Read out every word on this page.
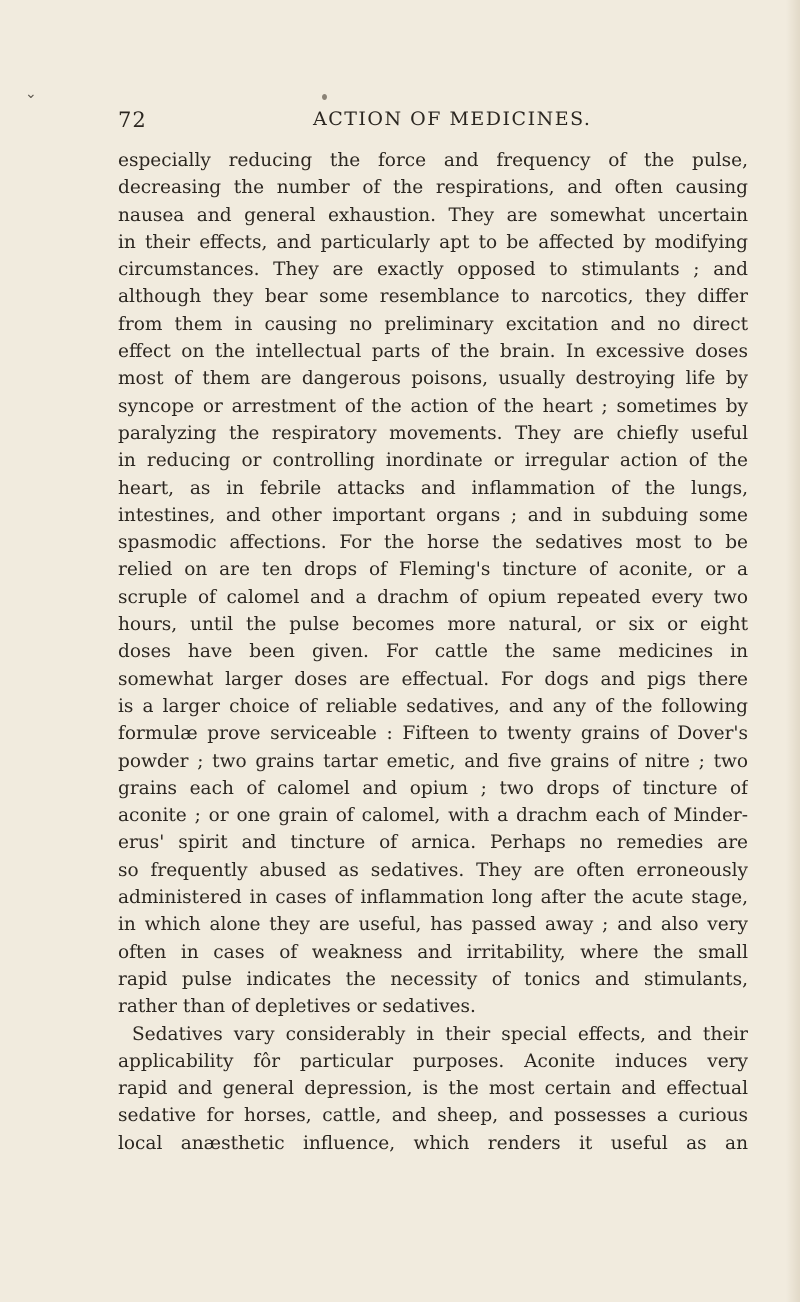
⌄
72	ACTION OF MEDICINES.
especially reducing the force and frequency of the pulse,
decreasing the number of the respirations, and often causing
nausea and general exhaustion. They are somewhat uncertain
in their effects, and particularly apt to be affected by modifying
circumstances. They are exactly opposed to stimulants ; and
although they bear some resemblance to narcotics, they differ
from them in causing no preliminary excitation and no direct
effect on the intellectual parts of the brain. In excessive doses
most of them are dangerous poisons, usually destroying life by
syncope or arrestment of the action of the heart ; sometimes by
paralyzing the respiratory movements. They are chiefly useful
in reducing or controlling inordinate or irregular action of the
heart, as in febrile attacks and inflammation of the lungs,
intestines, and other important organs ; and in subduing some
spasmodic affections. For the horse the sedatives most to be
relied on are ten drops of Fleming's tincture of aconite, or a
scruple of calomel and a drachm of opium repeated every two
hours, until the pulse becomes more natural, or six or eight
doses have been given. For cattle the same medicines in
somewhat larger doses are effectual. For dogs and pigs there
is a larger choice of reliable sedatives, and any of the following
formulæ prove serviceable : Fifteen to twenty grains of Dover's
powder ; two grains tartar emetic, and five grains of nitre ; two
grains each of calomel and opium ; two drops of tincture of
aconite ; or one grain of calomel, with a drachm each of Minder-
erus' spirit and tincture of arnica. Perhaps no remedies are
so frequently abused as sedatives. They are often erroneously
administered in cases of inflammation long after the acute stage,
in which alone they are useful, has passed away ; and also very
often in cases of weakness and irritability, where the small
rapid pulse indicates the necessity of tonics and stimulants,
rather than of depletives or sedatives.
Sedatives vary considerably in their special effects, and their
applicability fôr particular purposes. Aconite induces very
rapid and general depression, is the most certain and effectual
sedative for horses, cattle, and sheep, and possesses a curious
local anæsthetic influence, which renders it useful as an
